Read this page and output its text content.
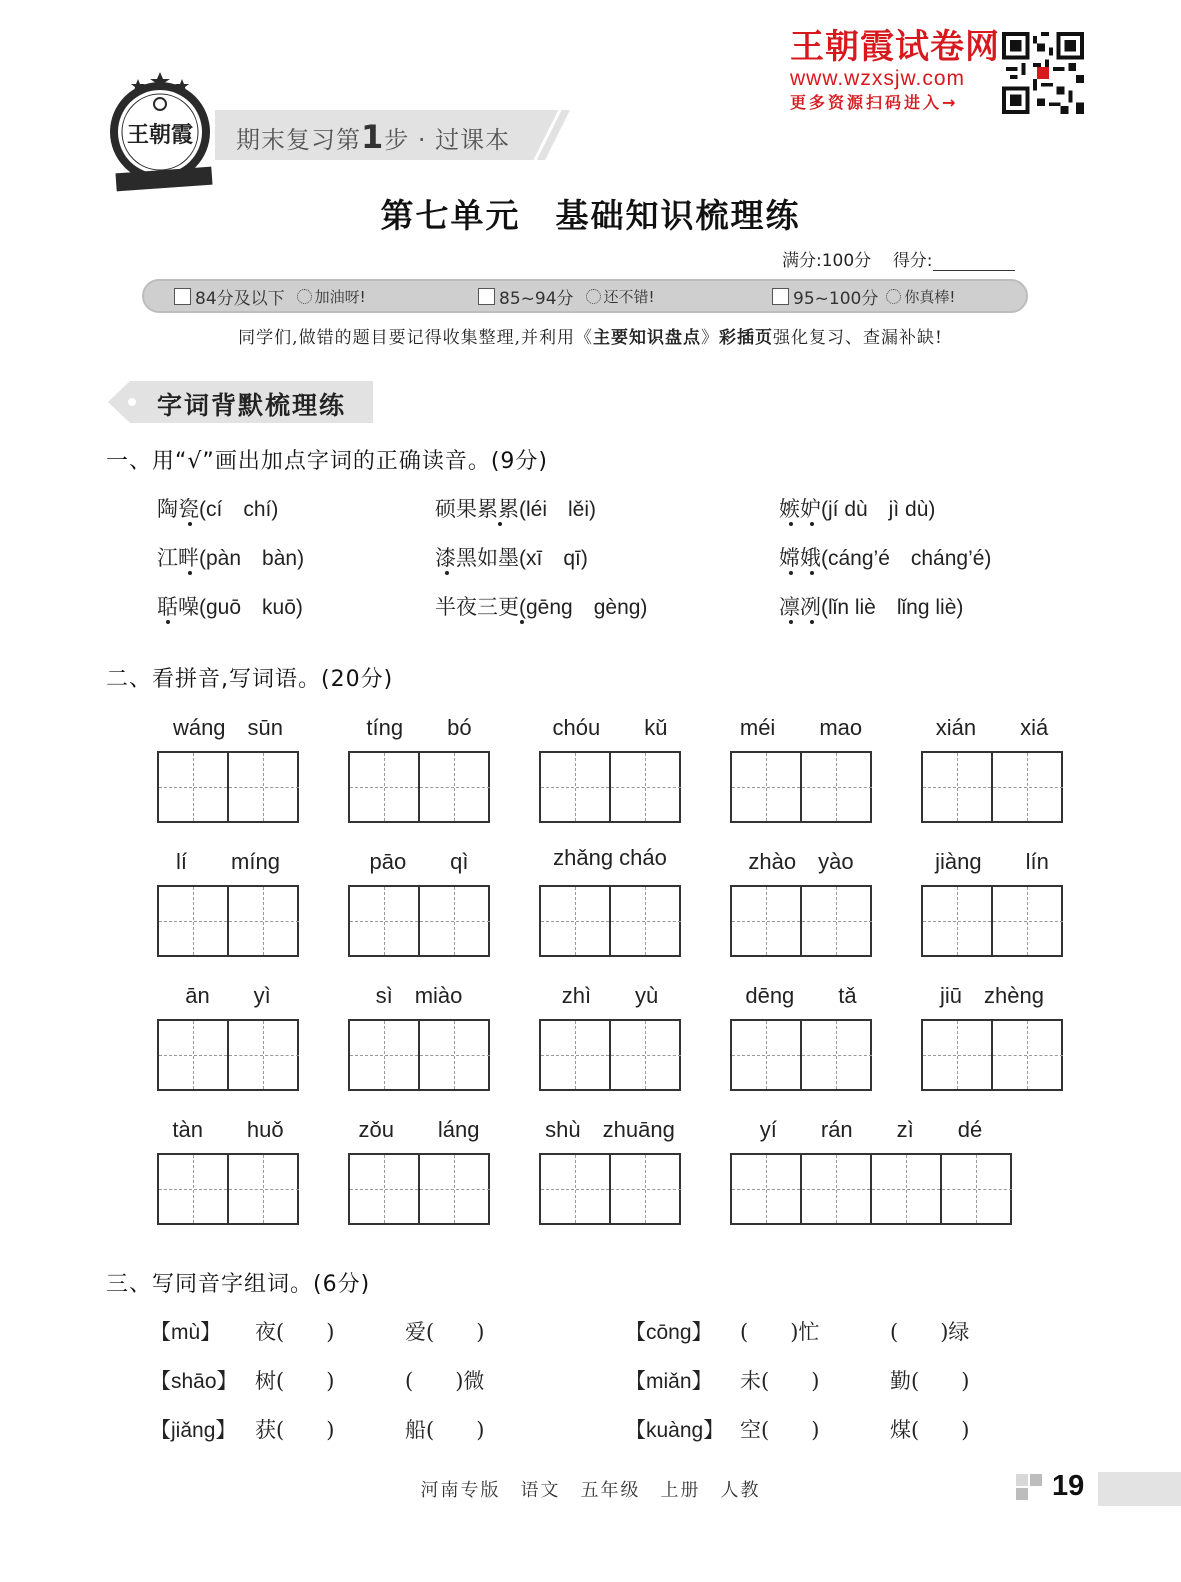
王朝霞 期末复习第1步 · 过课本
王朝霞试卷网
www.wzxsjw.com
更多资源扫码进入→
第七单元　基础知识梳理练
满分:100分 得分:
84分及以下 加油呀!	85~94分 还不错!	95~100分 你真棒!
同学们,做错的题目要记得收集整理,并利用《主要知识盘点》彩插页强化复习、查漏补缺!
字词背默梳理练
一、用“√”画出加点字词的正确读音。(9分)
陶瓷(cí　chí)	硕果累累(léi　lěi)	嫉妒(jí dù　jì dù)
江畔(pàn　bàn)	漆黑如墨(xī　qī)	嫦娥(cáng’é　cháng’é)
聒噪(guō　kuō)	半夜三更(gēng　gèng)	凛冽(lǐn liè　lǐng liè)
二、看拼音,写词语。(20分)
wáng　sūn	tíng　　bó	chóu　　kǔ	méi　　mao	xián　　xiá
lí　　míng	pāo　　qì	zhǎng cháo	zhào　yào	jiàng　　lín
ān　　yì	sì　miào	zhì　　yù	dēng　　tǎ	jiū　zhèng
tàn　　huǒ	zǒu　　láng	shù　zhuāng	yí　　rán　　zì　　dé
三、写同音字组词。(6分)
【mù】 夜(　　)	爱(　　)
【shāo】 树(　　)	(　　)微
【jiǎng】 获(　　)	船(　　)
【cōng】 (　　)忙	(　　)绿
【miǎn】 未(　　)	勤(　　)
【kuàng】 空(　　)	煤(　　)
河南专版　语文　五年级　上册　人教	19
